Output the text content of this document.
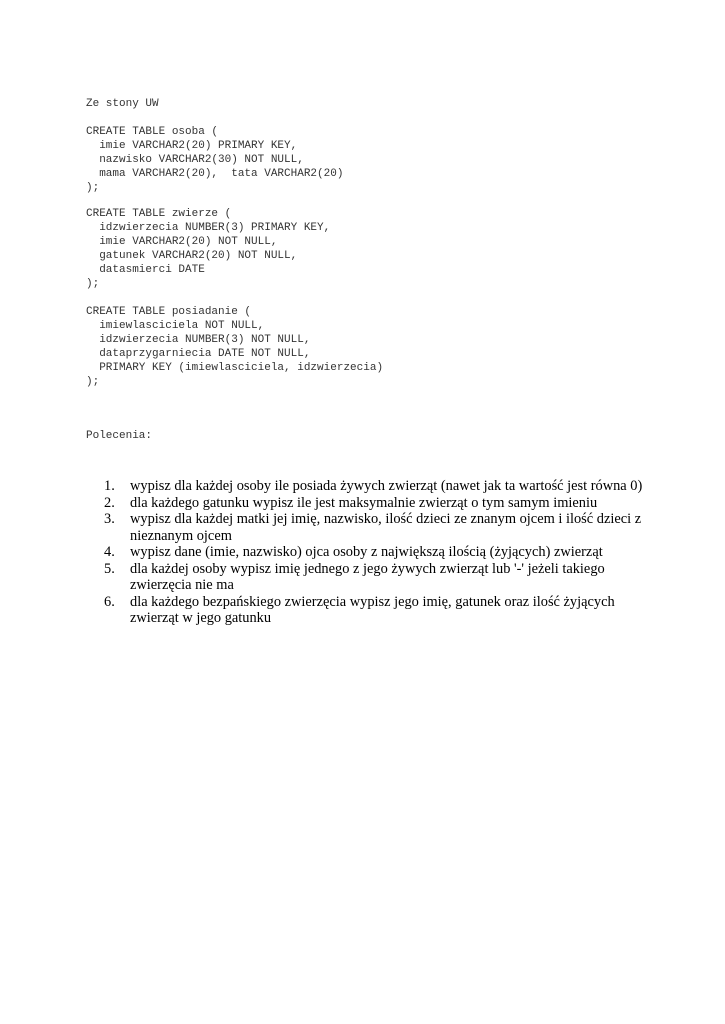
Ze stony UW
CREATE TABLE osoba (
imie VARCHAR2(20) PRIMARY KEY,
nazwisko VARCHAR2(30) NOT NULL,
mama VARCHAR2(20),  tata VARCHAR2(20)
);
CREATE TABLE zwierze (
idzwierzecia NUMBER(3) PRIMARY KEY,
imie VARCHAR2(20) NOT NULL,
gatunek VARCHAR2(20) NOT NULL,
datasmierci DATE
);
CREATE TABLE posiadanie (
imiewlasciciela NOT NULL,
idzwierzecia NUMBER(3) NOT NULL,
dataprzygarniecia DATE NOT NULL,
PRIMARY KEY (imiewlasciciela, idzwierzecia)
);
Polecenia:
1. wypisz dla każdej osoby ile posiada żywych zwierząt (nawet jak ta wartość jest równa 0)
2. dla każdego gatunku wypisz ile jest maksymalnie zwierząt o tym samym imieniu
3. wypisz dla każdej matki jej imię, nazwisko, ilość dzieci ze znanym ojcem i ilość dzieci z nieznanym ojcem
4. wypisz dane (imie, nazwisko) ojca osoby z największą ilością (żyjących) zwierząt
5. dla każdej osoby wypisz imię jednego z jego żywych zwierząt lub '-' jeżeli takiego zwierzęcia nie ma
6. dla każdego bezpańskiego zwierzęcia wypisz jego imię, gatunek oraz ilość żyjących zwierząt w jego gatunku
